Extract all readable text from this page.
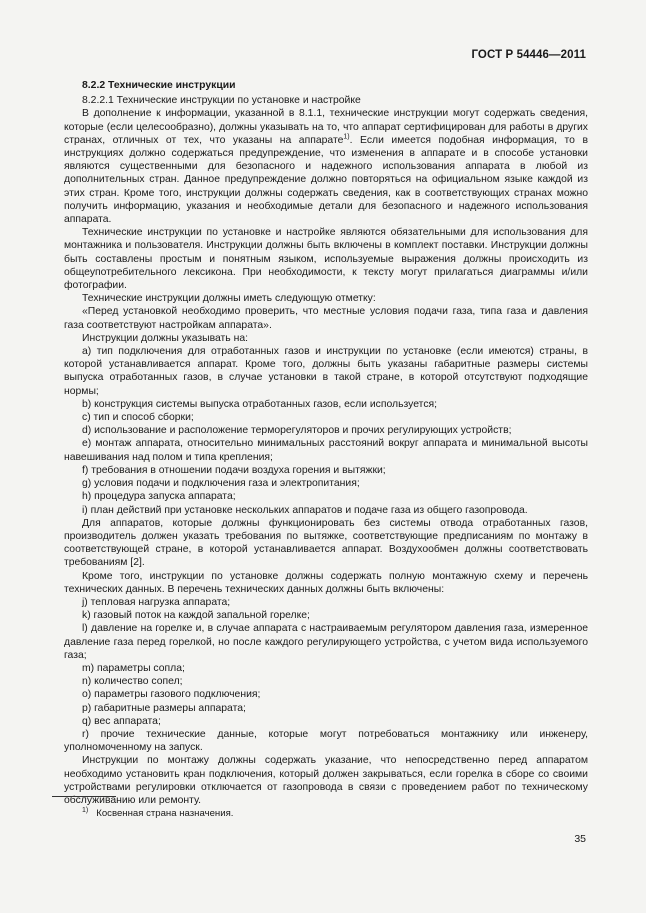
ГОСТ Р 54446—2011

8.2.2 Технические инструкции

8.2.2.1 Технические инструкции по установке и настройке

В дополнение к информации, указанной в 8.1.1, технические инструкции могут содержать сведения, которые (если целесообразно), должны указывать на то, что аппарат сертифицирован для работы в других странах, отличных от тех, что указаны на аппарате$^{1)}$. Если имеется подобная информация, то в инструкциях должно содержаться предупреждение, что изменения в аппарате и в способе установки являются существенными для безопасного и надежного использования аппарата в любой из дополнительных стран. Данное предупреждение должно повторяться на официальном языке каждой из этих стран. Кроме того, инструкции должны содержать сведения, как в соответствующих странах можно получить информацию, указания и необходимые детали для безопасного и надежного использования аппарата.

Технические инструкции по установке и настройке являются обязательными для использования для монтажника и пользователя. Инструкции должны быть включены в комплект поставки. Инструкции должны быть составлены простым и понятным языком, используемые выражения должны происходить из общеупотребительного лексикона. При необходимости, к тексту могут прилагаться диаграммы и/или фотографии.

Технические инструкции должны иметь следующую отметку:

«Перед установкой необходимо проверить, что местные условия подачи газа, типа газа и давления газа соответствуют настройкам аппарата».

Инструкции должны указывать на:

a) тип подключения для отработанных газов и инструкции по установке (если имеются) страны, в которой устанавливается аппарат. Кроме того, должны быть указаны габаритные размеры системы выпуска отработанных газов, в случае установки в такой стране, в которой отсутствуют подходящие нормы;

b) конструкция системы выпуска отработанных газов, если используется;

c) тип и способ сборки;

d) использование и расположение терморегуляторов и прочих регулирующих устройств;

e) монтаж аппарата, относительно минимальных расстояний вокруг аппарата и минимальной высоты навешивания над полом и типа крепления;

f) требования в отношении подачи воздуха горения и вытяжки;

g) условия подачи и подключения газа и электропитания;

h) процедура запуска аппарата;

i) план действий при установке нескольких аппаратов и подаче газа из общего газопровода.

Для аппаратов, которые должны функционировать без системы отвода отработанных газов, производитель должен указать требования по вытяжке, соответствующие предписаниям по монтажу в соответствующей стране, в которой устанавливается аппарат. Воздухообмен должны соответствовать требованиям [2].

Кроме того, инструкции по установке должны содержать полную монтажную схему и перечень технических данных. В перечень технических данных должны быть включены:

j) тепловая нагрузка аппарата;

k) газовый поток на каждой запальной горелке;

l) давление на горелке и, в случае аппарата с настраиваемым регулятором давления газа, измеренное давление газа перед горелкой, но после каждого регулирующего устройства, с учетом вида используемого газа;

m) параметры сопла;

n) количество сопел;

o) параметры газового подключения;

p) габаритные размеры аппарата;

q) вес аппарата;

r) прочие технические данные, которые могут потребоваться монтажнику или инженеру, уполномоченному на запуск.

Инструкции по монтажу должны содержать указание, что непосредственно перед аппаратом необходимо установить кран подключения, который должен закрываться, если горелка в сборе со своими устройствами регулировки отключается от газопровода в связи с проведением работ по техническому обслуживанию или ремонту.

$^{1)}$ Косвенная страна назначения.
35
